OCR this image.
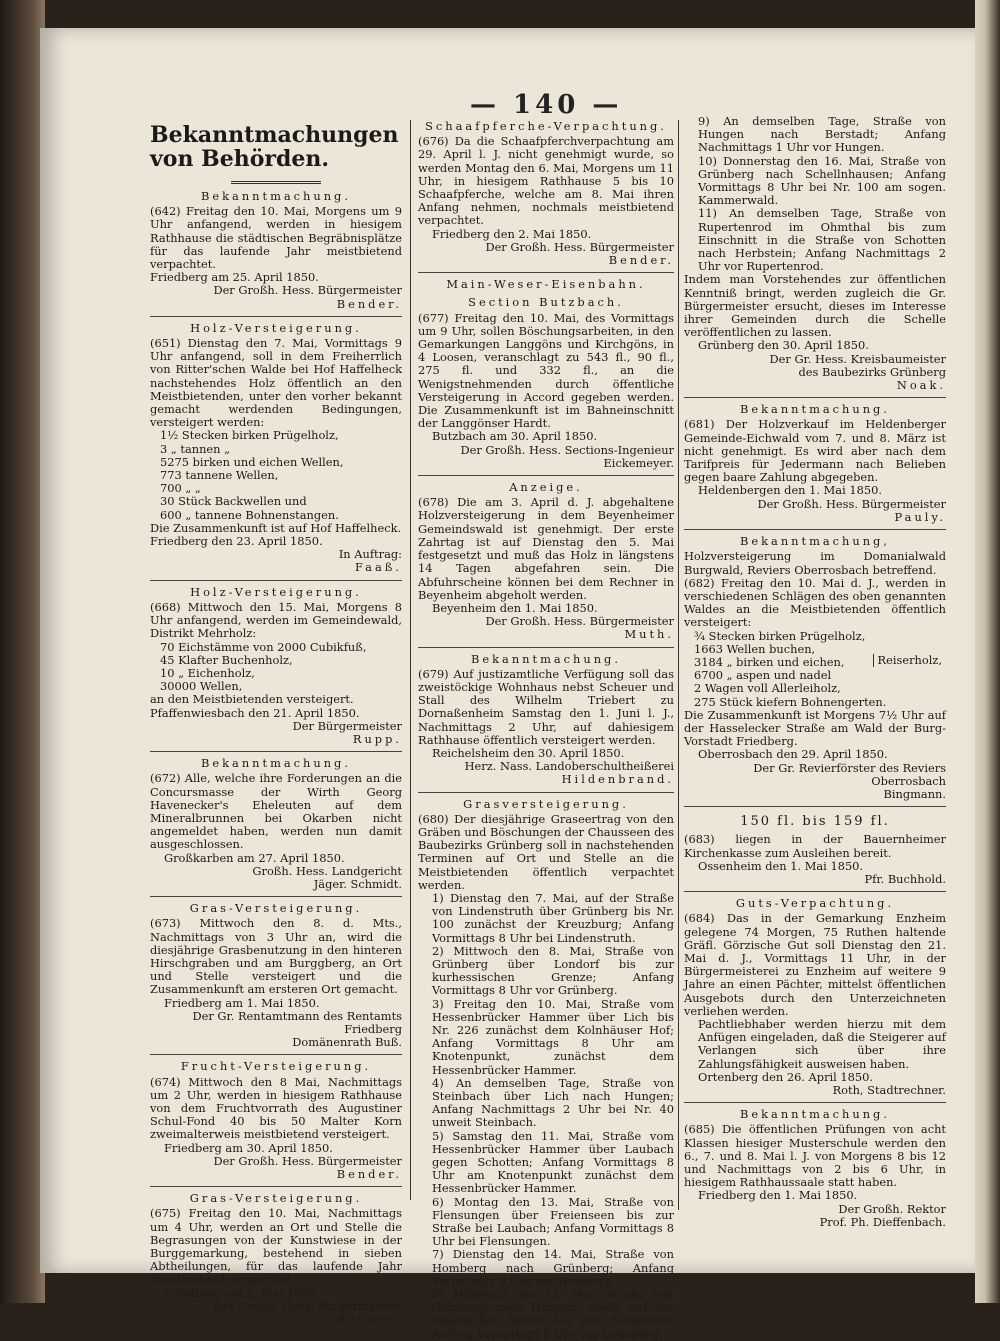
— 140 —
Bekanntmachungen von Behörden.
Bekanntmachung.

(642) Freitag den 10. Mai, Morgens um 9 Uhr anfangend, werden in hiesigem Rathhause die städtischen Begräbnisplätze für das laufende Jahr meistbietend verpachtet.

Friedberg am 25. April 1850.

Der Großh. Hess. Bürgermeister

Bender.

Holz-Versteigerung.

(651) Dienstag den 7. Mai, Vormittags 9 Uhr anfangend, soll in dem Freiherrlich von Ritter'schen Walde bei Hof Haffelheck nachstehendes Holz öffentlich an den Meistbietenden, unter den vorher bekannt gemacht werdenden Bedingungen, versteigert werden:

1½ Stecken birken Prügelholz,
3 „ tannen „
5275 birken und eichen Wellen,
773 tannene Wellen,
700 „ „
30 Stück Backwellen und
600 „ tannene Bohnenstangen.

Die Zusammenkunft ist auf Hof Haffelheck.

Friedberg den 23. April 1850.

In Auftrag:

Faaß.

Holz-Versteigerung.

(668) Mittwoch den 15. Mai, Morgens 8 Uhr anfangend, werden im Gemeindewald, Distrikt Mehrholz:

70 Eichstämme von 2000 Cubikfuß,
45 Klafter Buchenholz,
10 „ Eichenholz,
30000 Wellen,

an den Meistbietenden versteigert.

Pfaffenwiesbach den 21. April 1850.

Der Bürgermeister

Rupp.

Bekanntmachung.

(672) Alle, welche ihre Forderungen an die Concursmasse der Wirth Georg Havenecker's Eheleuten auf dem Mineralbrunnen bei Okarben nicht angemeldet haben, werden nun damit ausgeschlossen.

Großkarben am 27. April 1850.

Großh. Hess. Landgericht

Jäger. Schmidt.

Gras-Versteigerung.

(673) Mittwoch den 8. d. Mts., Nachmittags von 3 Uhr an, wird die diesjährige Grasbenutzung in den hinteren Hirschgraben und am Burggberg, an Ort und Stelle versteigert und die Zusammenkunft am ersteren Ort gemacht.

Friedberg am 1. Mai 1850.

Der Gr. Rentamtmann des Rentamts Friedberg

Domänenrath Buß.

Frucht-Versteigerung.

(674) Mittwoch den 8 Mai, Nachmittags um 2 Uhr, werden in hiesigem Rathhause von dem Fruchtvorrath des Augustiner Schul-Fond 40 bis 50 Malter Korn zweimalterweis meistbietend versteigert.

Friedberg am 30. April 1850.

Der Großh. Hess. Bürgermeister

Bender.

Gras-Versteigerung.

(675) Freitag den 10. Mai, Nachmittags um 4 Uhr, werden an Ort und Stelle die Begrasungen von der Kunstwiese in der Burggemarkung, bestehend in sieben Abtheilungen, für das laufende Jahr meistbietend verpachtet.

Friedberg am 2. Mai 1850.

Der Großh. Hess. Bürgermeister

Bender.

Schaafpferche-Verpachtung.

(676) Da die Schaafpferchverpachtung am 29. April l. J. nicht genehmigt wurde, so werden Montag den 6. Mai, Morgens um 11 Uhr, in hiesigem Rathhause 5 bis 10 Schaafpferche, welche am 8. Mai ihren Anfang nehmen, nochmals meistbietend verpachtet.

Friedberg den 2. Mai 1850.

Der Großh. Hess. Bürgermeister

Bender.

Main-Weser-Eisenbahn.
Section Butzbach.

(677) Freitag den 10. Mai, des Vormittags um 9 Uhr, sollen Böschungsarbeiten, in den Gemarkungen Langgöns und Kirchgöns, in 4 Loosen, veranschlagt zu 543 fl., 90 fl., 275 fl. und 332 fl., an die Wenigstnehmenden durch öffentliche Versteigerung in Accord gegeben werden. Die Zusammenkunft ist im Bahneinschnitt der Langgönser Hardt.

Butzbach am 30. April 1850.

Der Großh. Hess. Sections-Ingenieur

Eickemeyer.

Anzeige.

(678) Die am 3. April d. J. abgehaltene Holzversteigerung in dem Beyenheimer Gemeindswald ist genehmigt. Der erste Zahrtag ist auf Dienstag den 5. Mai festgesetzt und muß das Holz in längstens 14 Tagen abgefahren sein. Die Abfuhrscheine können bei dem Rechner in Beyenheim abgeholt werden.

Beyenheim den 1. Mai 1850.

Der Großh. Hess. Bürgermeister

Muth.

Bekanntmachung.

(679) Auf justizamtliche Verfügung soll das zweistöckige Wohnhaus nebst Scheuer und Stall des Wilhelm Triebert zu Dornaßenheim Samstag den 1. Juni l. J., Nachmittags 2 Uhr, auf dahiesigem Rathhause öffentlich versteigert werden.

Reichelsheim den 30. April 1850.

Herz. Nass. Landoberschultheißerei

Hildenbrand.

Grasversteigerung.

(680) Der diesjährige Graseertrag von den Gräben und Böschungen der Chausseen des Baubezirks Grünberg soll in nachstehenden Terminen auf Ort und Stelle an die Meistbietenden öffentlich verpachtet werden.

1) Dienstag den 7. Mai, auf der Straße von Lindenstruth über Grünberg bis Nr. 100 zunächst der Kreuzburg; Anfang Vormittags 8 Uhr bei Lindenstruth.

2) Mittwoch den 8. Mai, Straße von Grünberg über Londorf bis zur kurhessischen Grenze; Anfang Vormittags 8 Uhr vor Grünberg.

3) Freitag den 10. Mai, Straße vom Hessenbrücker Hammer über Lich bis Nr. 226 zunächst dem Kolnhäuser Hof; Anfang Vormittags 8 Uhr am Knotenpunkt, zunächst dem Hessenbrücker Hammer.

4) An demselben Tage, Straße von Steinbach über Lich nach Hungen; Anfang Nachmittags 2 Uhr bei Nr. 40 unweit Steinbach.

5) Samstag den 11. Mai, Straße vom Hessenbrücker Hammer über Laubach gegen Schotten; Anfang Vormittags 8 Uhr am Knotenpunkt zunächst dem Hessenbrücker Hammer.

6) Montag den 13. Mai, Straße von Flensungen über Freienseen bis zur Straße bei Laubach; Anfang Vormittags 8 Uhr bei Flensungen.

7) Dienstag den 14. Mai, Straße von Homberg nach Grünberg; Anfang Vormittags 9 Uhr vor Homberg.

8) Mittwoch den 15. Mai, Straße von Grünberg nach Hungen, sowie auf der fiskalischen Wiese bei der Neumühle; Anfang Vormittags 8 Uhr vor Grünberg.

9) An demselben Tage, Straße von Hungen nach Berstadt; Anfang Nachmittags 1 Uhr vor Hungen.

10) Donnerstag den 16. Mai, Straße von Grünberg nach Schellnhausen; Anfang Vormittags 8 Uhr bei Nr. 100 am sogen. Kammerwald.

11) An demselben Tage, Straße von Rupertenrod im Ohmthal bis zum Einschnitt in die Straße von Schotten nach Herbstein; Anfang Nachmittags 2 Uhr vor Rupertenrod.

Indem man Vorstehendes zur öffentlichen Kenntniß bringt, werden zugleich die Gr. Bürgermeister ersucht, dieses im Interesse ihrer Gemeinden durch die Schelle veröffentlichen zu lassen.

Grünberg den 30. April 1850.

Der Gr. Hess. Kreisbaumeister

des Baubezirks Grünberg

Noak.

Bekanntmachung.

(681) Der Holzverkauf im Heldenberger Gemeinde-Eichwald vom 7. und 8. März ist nicht genehmigt. Es wird aber nach dem Tarifpreis für Jedermann nach Belieben gegen baare Zahlung abgegeben.

Heldenbergen den 1. Mai 1850.

Der Großh. Hess. Bürgermeister

Pauly.

Bekanntmachung,

Holzversteigerung im Domanialwald Burgwald, Reviers Oberrosbach betreffend.

(682) Freitag den 10. Mai d. J., werden in verschiedenen Schlägen des oben genannten Waldes an die Meistbietenden öffentlich versteigert:

¾ Stecken birken Prügelholz,
1663 Wellen buchen,
3184 „ birken und eichen,
6700 „ aspen und nadel
2 Wagen voll Allerleiholz,
275 Stück kiefern Bohnengerten.
Reiserholz,

Die Zusammenkunft ist Morgens 7½ Uhr auf der Hasselecker Straße am Wald der Burg-Vorstadt Friedberg.

Oberrosbach den 29. April 1850.

Der Gr. Revierförster des Reviers Oberrosbach

Bingmann.

150 fl. bis 159 fl.

(683) liegen in der Bauernheimer Kirchenkasse zum Ausleihen bereit.

Ossenheim den 1. Mai 1850.

Pfr. Buchhold.

Guts-Verpachtung.

(684) Das in der Gemarkung Enzheim gelegene 74 Morgen, 75 Ruthen haltende Gräfl. Görzische Gut soll Dienstag den 21. Mai d. J., Vormittags 11 Uhr, in der Bürgermeisterei zu Enzheim auf weitere 9 Jahre an einen Pächter, mittelst öffentlichen Ausgebots durch den Unterzeichneten verliehen werden.

Pachtliebhaber werden hierzu mit dem Anfügen eingeladen, daß die Steigerer auf Verlangen sich über ihre Zahlungsfähigkeit ausweisen haben.

Ortenberg den 26. April 1850.

Roth, Stadtrechner.

Bekanntmachung.

(685) Die öffentlichen Prüfungen von acht Klassen hiesiger Musterschule werden den 6., 7. und 8. Mai l. J. von Morgens 8 bis 12 und Nachmittags von 2 bis 6 Uhr, in hiesigem Rathhaussaale statt haben.

Friedberg den 1. Mai 1850.

Der Großh. Rektor

Prof. Ph. Dieffenbach.
